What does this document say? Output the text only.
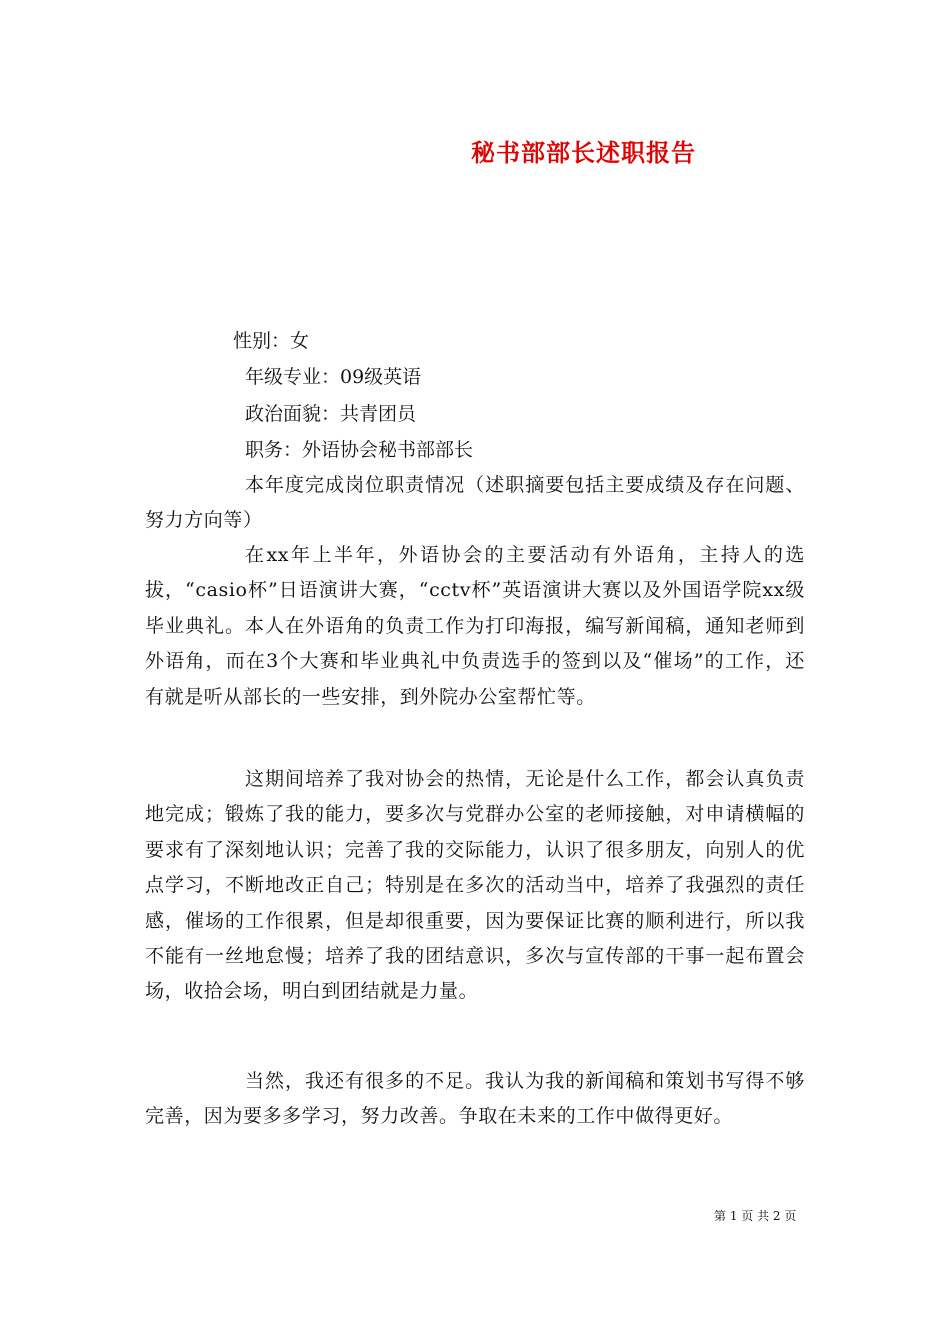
秘书部部长述职报告
性别：女
年级专业：09级英语
政治面貌：共青团员
职务：外语协会秘书部部长

本年度完成岗位职责情况（述职摘要包括主要成绩及存在问题、努力方向等）

在xx年上半年，外语协会的主要活动有外语角，主持人的选拔，“casio杯”日语演讲大赛，“cctv杯”英语演讲大赛以及外国语学院xx级毕业典礼。本人在外语角的负责工作为打印海报，编写新闻稿，通知老师到外语角，而在3个大赛和毕业典礼中负责选手的签到以及“催场”的工作，还有就是听从部长的一些安排，到外院办公室帮忙等。

这期间培养了我对协会的热情，无论是什么工作，都会认真负责地完成；锻炼了我的能力，要多次与党群办公室的老师接触，对申请横幅的要求有了深刻地认识；完善了我的交际能力，认识了很多朋友，向别人的优点学习，不断地改正自己；特别是在多次的活动当中，培养了我强烈的责任感，催场的工作很累，但是却很重要，因为要保证比赛的顺利进行，所以我不能有一丝地怠慢；培养了我的团结意识，多次与宣传部的干事一起布置会场，收拾会场，明白到团结就是力量。

当然，我还有很多的不足。我认为我的新闻稿和策划书写得不够完善，因为要多多学习，努力改善。争取在未来的工作中做得更好。

第 1 页 共 2 页
